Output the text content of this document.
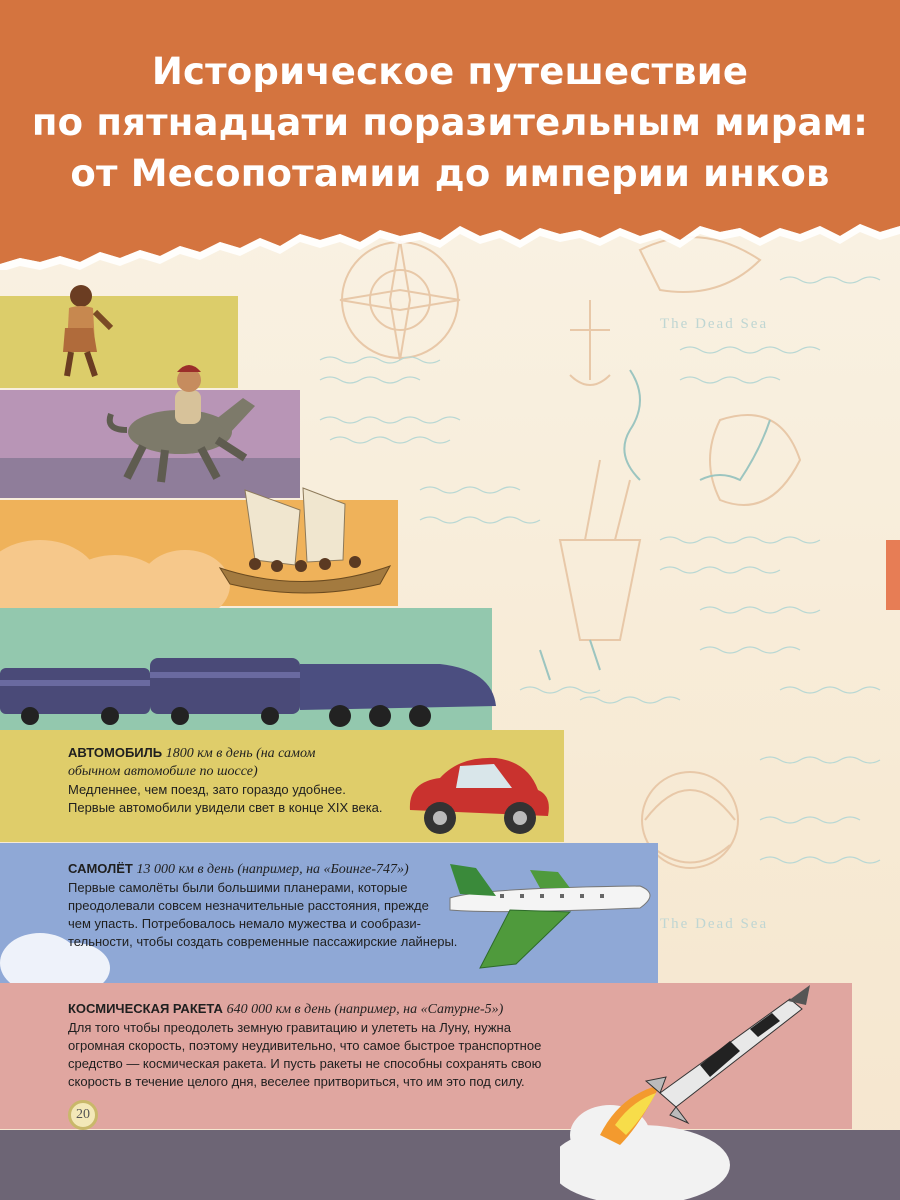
The Dead Sea
The Dead Sea
Историческое путешествие
по пятнадцати поразительным мирам:
от Месопотамии до империи инков
АВТОМОБИЛЬ 1800 км в день (на самом
обычном автомобиле по шоссе)
Медленнее, чем поезд, зато гораздо удобнее.
Первые автомобили увидели свет в конце XIX века.
САМОЛЁТ 13 000 км в день (например, на «Боинге-747»)
Первые самолёты были большими планерами, которые
преодолевали совсем незначительные расстояния, прежде
чем упасть. Потребовалось немало мужества и сообрази-
тельности, чтобы создать современные пассажирские лайнеры.
КОСМИЧЕСКАЯ РАКЕТА 640 000 км в день (например, на «Сатурне-5»)
Для того чтобы преодолеть земную гравитацию и улететь на Луну, нужна
огромная скорость, поэтому неудивительно, что самое быстрое транспортное
средство — космическая ракета. И пусть ракеты не способны сохранять свою
скорость в течение целого дня, веселее притвориться, что им это под силу.
20
